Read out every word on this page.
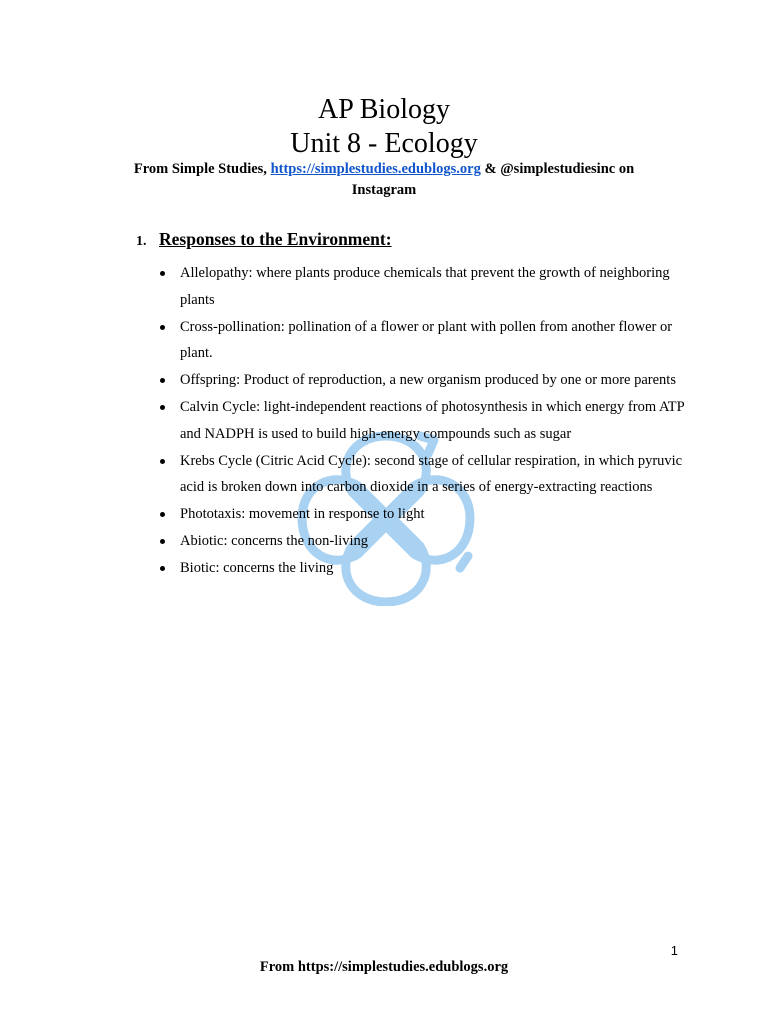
AP Biology
Unit 8 - Ecology
From Simple Studies, https://simplestudies.edublogs.org & @simplestudiesinc on Instagram
1. Responses to the Environment:
Allelopathy: where plants produce chemicals that prevent the growth of neighboring plants
Cross-pollination: pollination of a flower or plant with pollen from another flower or plant.
Offspring: Product of reproduction, a new organism produced by one or more parents
Calvin Cycle: light-independent reactions of photosynthesis in which energy from ATP and NADPH is used to build high-energy compounds such as sugar
Krebs Cycle (Citric Acid Cycle): second stage of cellular respiration, in which pyruvic acid is broken down into carbon dioxide in a series of energy-extracting reactions
Phototaxis: movement in response to light
Abiotic: concerns the non-living
Biotic: concerns the living
1
From https://simplestudies.edublogs.org
